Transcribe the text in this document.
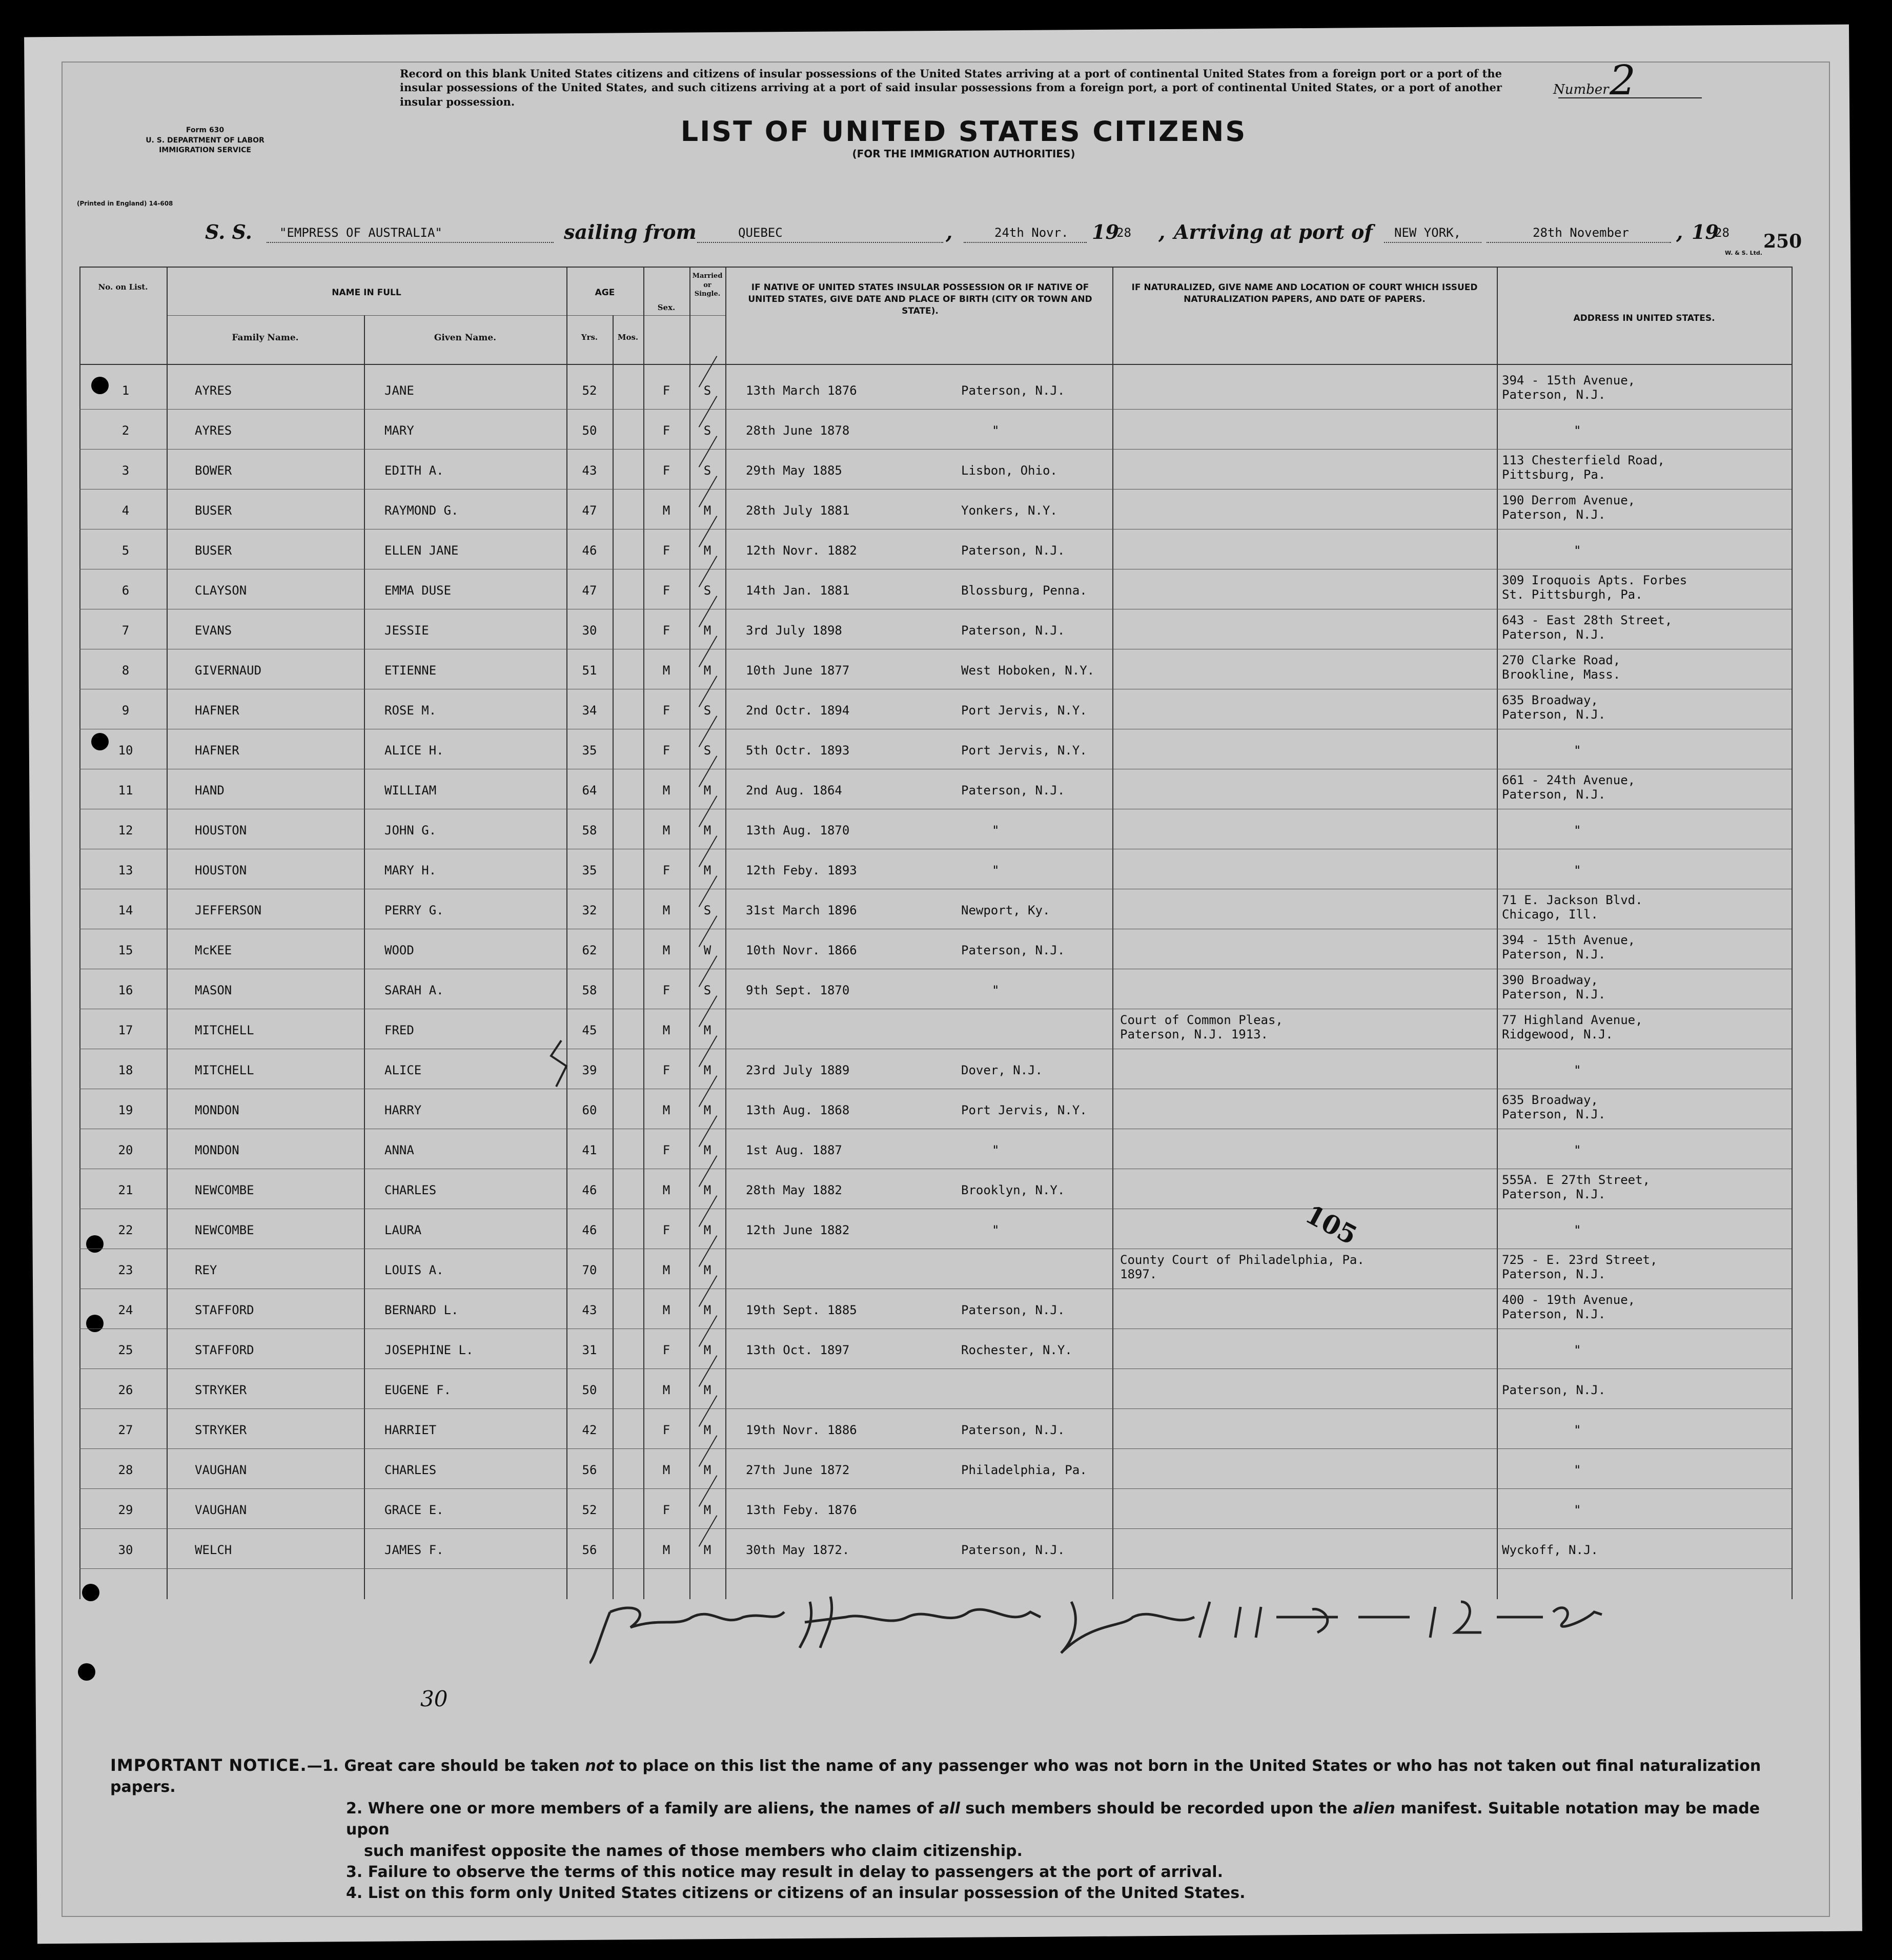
Form 630
U. S. DEPARTMENT OF LABOR
IMMIGRATION SERVICE
(Printed in England) 14-608
Record on this blank United States citizens and citizens of insular possessions of the United States arriving at a port of continental United States from a foreign port or a port of the insular possessions of the United States, and such citizens arriving at a port of said insular possessions from a foreign port, a port of continental United States, or a port of another insular possession.
Number 2
LIST OF UNITED STATES CITIZENS
(FOR THE IMMIGRATION AUTHORITIES)
S. S. "EMPRESS OF AUSTRALIA"	sailing from	QUEBEC	,	24th Novr. 19
28 , Arriving at port of NEW YORK,	28th November , 19
28 250
W. & S. Ltd.
No. on List.
NAME IN FULL
Family Name.	Given Name.
AGE
Yrs.	Mos.
Sex.
Married or Single.
IF NATIVE OF UNITED STATES INSULAR POSSESSION OR IF NATIVE OF UNITED STATES, GIVE DATE AND PLACE OF BIRTH (CITY OR TOWN AND STATE).
IF NATURALIZED, GIVE NAME AND LOCATION OF COURT WHICH ISSUED NATURALIZATION PAPERS, AND DATE OF PAPERS.
ADDRESS IN UNITED STATES.
1	AYRES	JANE	52	F	S	13th March 1876	Paterson, N.J.
394 - 15th Avenue,
Paterson, N.J.
2	AYRES	MARY	50	F	S	28th June 1878	"	"
3	BOWER	EDITH A.	43	F	S	29th May 1885	Lisbon, Ohio.
113 Chesterfield Road,
Pittsburg, Pa.
4	BUSER	RAYMOND G.	47	M	M	28th July 1881	Yonkers, N.Y.
190 Derrom Avenue,
Paterson, N.J.
5	BUSER	ELLEN JANE	46	F	M	12th Novr. 1882	Paterson, N.J.	"
6	CLAYSON	EMMA DUSE	47	F	S	14th Jan. 1881	Blossburg, Penna.
309 Iroquois Apts. Forbes
St. Pittsburgh, Pa.
7	EVANS	JESSIE	30	F	M	3rd July 1898	Paterson, N.J.
643 - East 28th Street,
Paterson, N.J.
8	GIVERNAUD	ETIENNE	51	M	M	10th June 1877	West Hoboken, N.Y.
270 Clarke Road,
Brookline, Mass.
9	HAFNER	ROSE M.	34	F	S	2nd Octr. 1894	Port Jervis, N.Y.
635 Broadway,
Paterson, N.J.
10	HAFNER	ALICE H.	35	F	S	5th Octr. 1893	Port Jervis, N.Y.	"
11	HAND	WILLIAM	64	M	M	2nd Aug. 1864	Paterson, N.J.
661 - 24th Avenue,
Paterson, N.J.
12	HOUSTON	JOHN G.	58	M	M	13th Aug. 1870	"	"
13	HOUSTON	MARY H.	35	F	M	12th Feby. 1893	"	"
14	JEFFERSON	PERRY G.	32	M	S	31st March 1896	Newport, Ky.
71 E. Jackson Blvd.
Chicago, Ill.
15	McKEE	WOOD	62	M	W	10th Novr. 1866	Paterson, N.J.
394 - 15th Avenue,
Paterson, N.J.
16	MASON	SARAH A.	58	F	S	9th Sept. 1870	"
390 Broadway,
Paterson, N.J.
17	MITCHELL	FRED	45	M	M
Court of Common Pleas,
Paterson, N.J. 1913.
77 Highland Avenue,
Ridgewood, N.J.
18	MITCHELL	ALICE	39	F	M	23rd July 1889	Dover, N.J.	"
19	MONDON	HARRY	60	M	M	13th Aug. 1868	Port Jervis, N.Y.
635 Broadway,
Paterson, N.J.
20	MONDON	ANNA	41	F	M	1st Aug. 1887	"	"
21	NEWCOMBE	CHARLES	46	M	M	28th May 1882	Brooklyn, N.Y.
555A. E 27th Street,
Paterson, N.J.
22	NEWCOMBE	LAURA	46	F	M	12th June 1882	"	"
23	REY	LOUIS A.	70	M	M
County Court of Philadelphia, Pa.
1897.
725 - E. 23rd Street,
Paterson, N.J.
24	STAFFORD	BERNARD L.	43	M	M	19th Sept. 1885	Paterson, N.J.
400 - 19th Avenue,
Paterson, N.J.
25	STAFFORD	JOSEPHINE L.	31	F	M	13th Oct. 1897	Rochester, N.Y.	"
26	STRYKER	EUGENE F.	50	M	M	Paterson, N.J.
27	STRYKER	HARRIET	42	F	M	19th Novr. 1886	Paterson, N.J.	"
28	VAUGHAN	CHARLES	56	M	M	27th June 1872	Philadelphia, Pa.	"
29	VAUGHAN	GRACE E.	52	F	M	13th Feby. 1876	"
30	WELCH	JAMES F.	56	M	M	30th May 1872.	Paterson, N.J.	Wyckoff, N.J.
105
30
IMPORTANT NOTICE.—1. Great care should be taken not to place on this list the name of any passenger who was not born in the United States or who has not taken out final naturalization papers.
2. Where one or more members of a family are aliens, the names of all such members should be recorded upon the alien manifest. Suitable notation may be made upon
such manifest opposite the names of those members who claim citizenship.
3. Failure to observe the terms of this notice may result in delay to passengers at the port of arrival.
4. List on this form only United States citizens or citizens of an insular possession of the United States.
